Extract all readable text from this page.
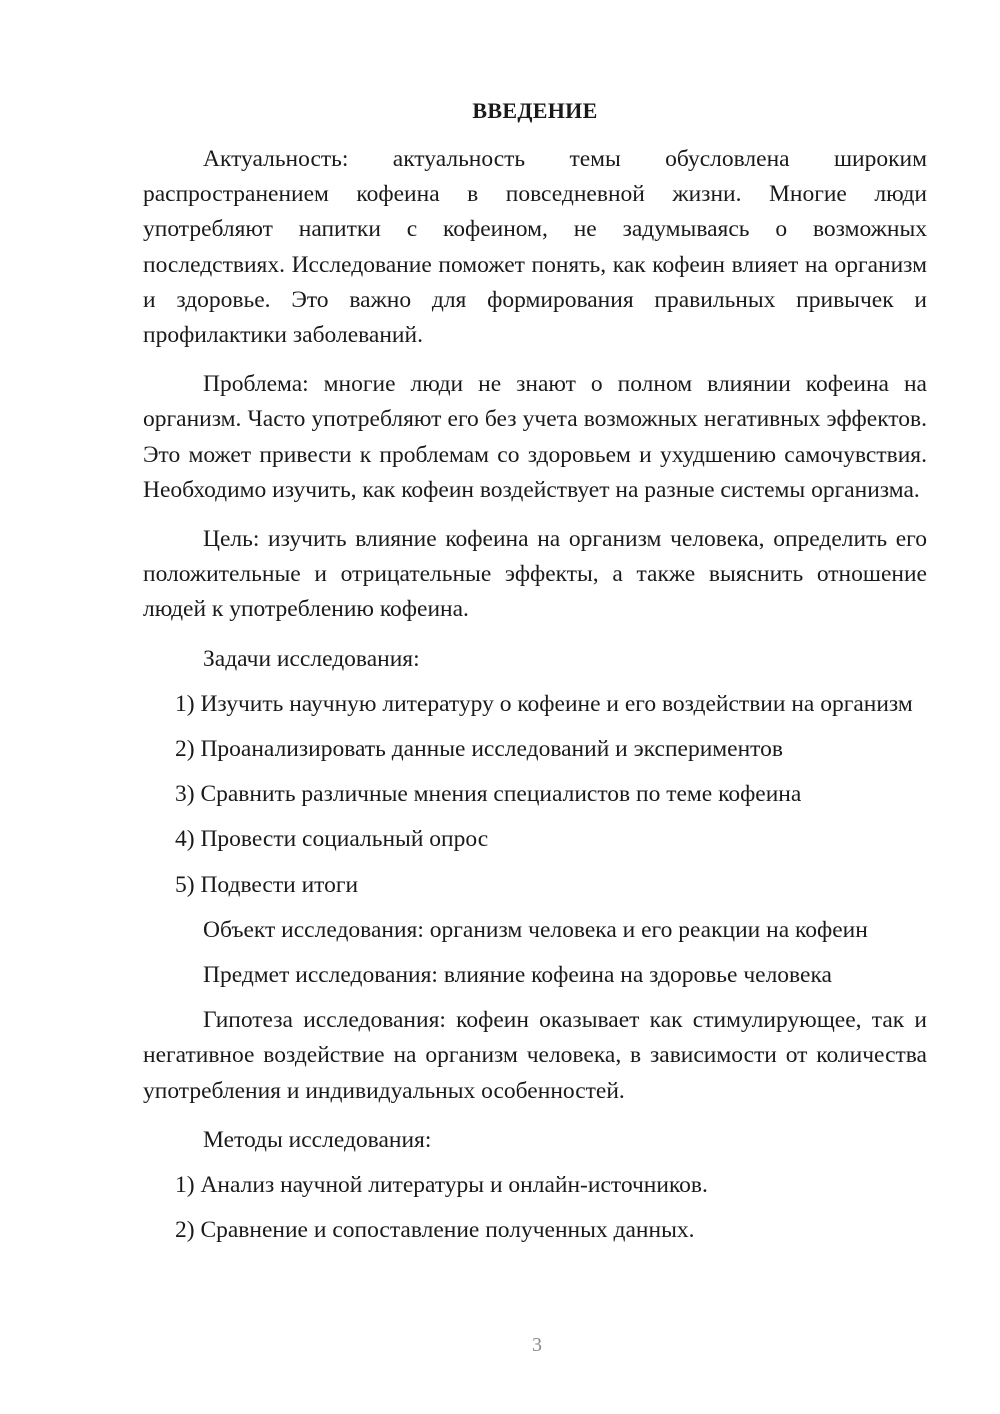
ВВЕДЕНИЕ

Актуальность: актуальность темы обусловлена широким распространением кофеина в повседневной жизни. Многие люди употребляют напитки с кофеином, не задумываясь о возможных последствиях. Исследование поможет понять, как кофеин влияет на организм и здоровье. Это важно для формирования правильных привычек и профилактики заболеваний.

Проблема: многие люди не знают о полном влиянии кофеина на организм. Часто употребляют его без учета возможных негативных эффектов. Это может привести к проблемам со здоровьем и ухудшению самочувствия. Необходимо изучить, как кофеин воздействует на разные системы организма.

Цель: изучить влияние кофеина на организм человека, определить его положительные и отрицательные эффекты, а также выяснить отношение людей к употреблению кофеина.

Задачи исследования:

1) Изучить научную литературу о кофеине и его воздействии на организм

2) Проанализировать данные исследований и экспериментов

3) Сравнить различные мнения специалистов по теме кофеина

4) Провести социальный опрос

5) Подвести итоги

Объект исследования: организм человека и его реакции на кофеин

Предмет исследования: влияние кофеина на здоровье человека

Гипотеза исследования: кофеин оказывает как стимулирующее, так и негативное воздействие на организм человека, в зависимости от количества употребления и индивидуальных особенностей.

Методы исследования:

1) Анализ научной литературы и онлайн-источников.

2) Сравнение и сопоставление полученных данных.

3
